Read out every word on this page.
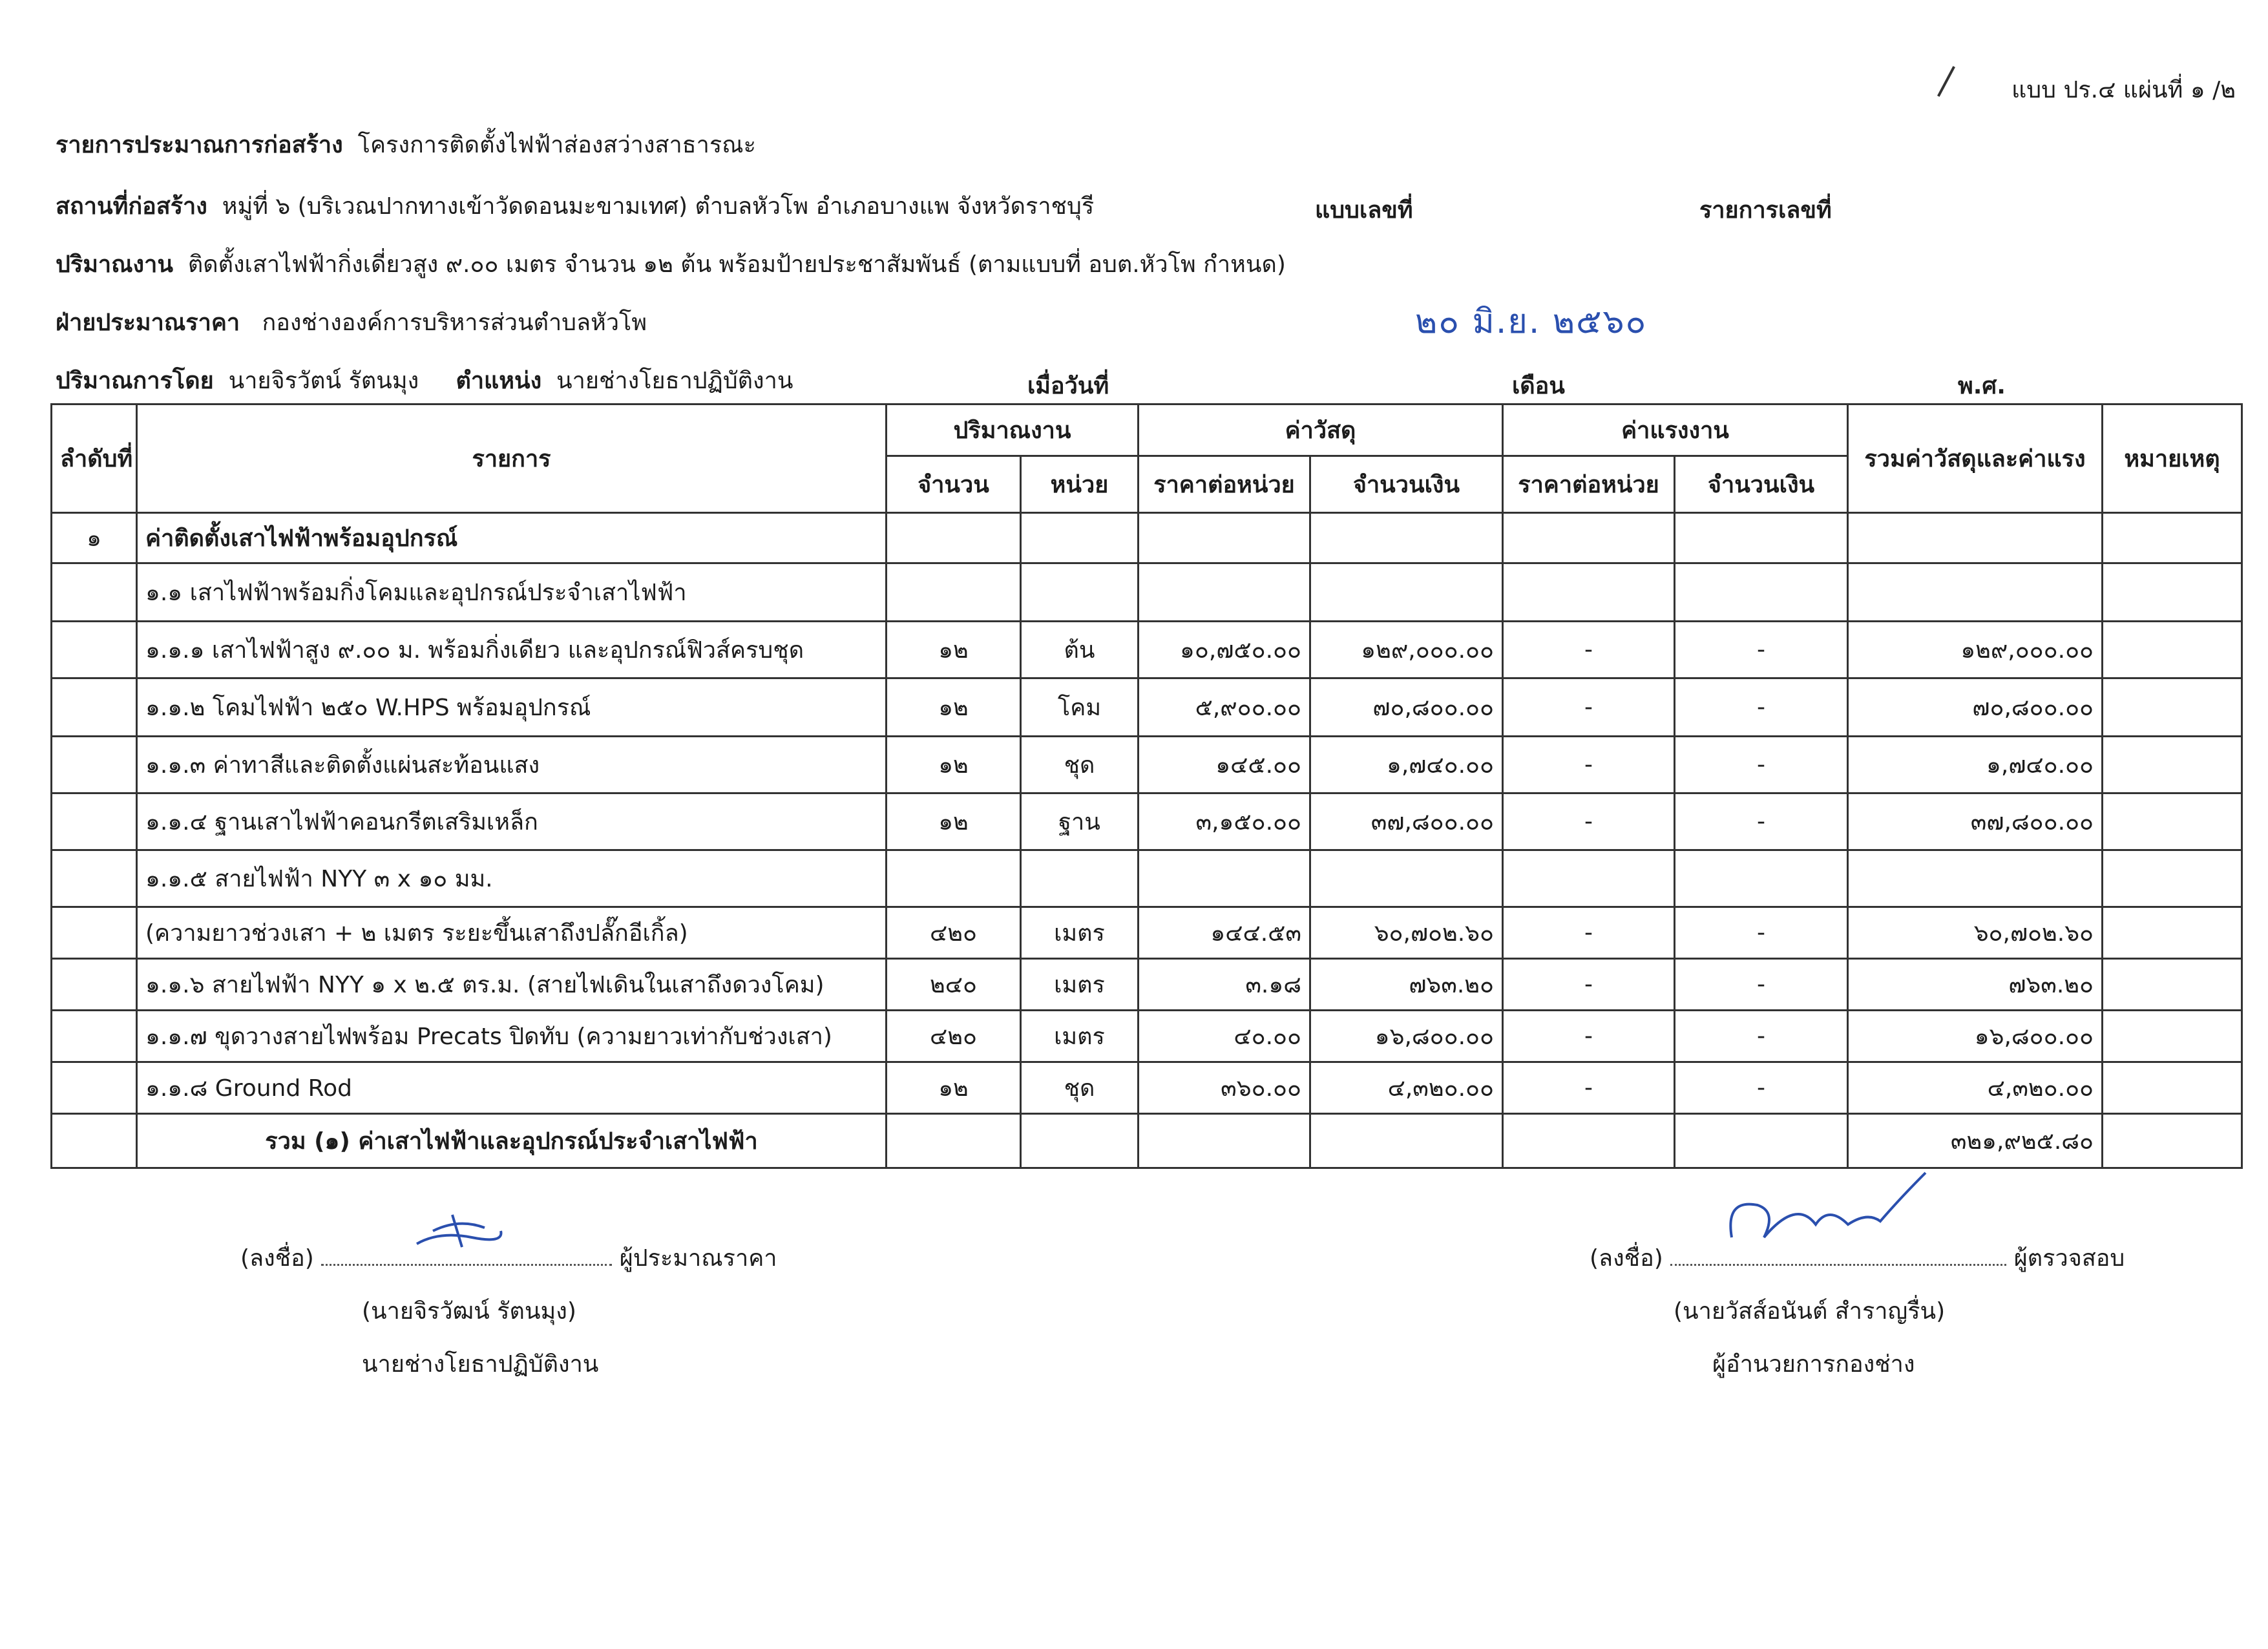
แบบ ปร.๔ แผ่นที่ ๑ /๒
รายการประมาณการก่อสร้าง โครงการติดตั้งไฟฟ้าส่องสว่างสาธารณะ
สถานที่ก่อสร้าง หมู่ที่ ๖ (บริเวณปากทางเข้าวัดดอนมะขามเทศ) ตำบลหัวโพ อำเภอบางแพ จังหวัดราชบุรี	แบบเลขที่	รายการเลขที่
ปริมาณงาน ติดตั้งเสาไฟฟ้ากิ่งเดี่ยวสูง ๙.๐๐ เมตร จำนวน ๑๒ ต้น พร้อมป้ายประชาสัมพันธ์ (ตามแบบที่ อบต.หัวโพ กำหนด)
ฝ่ายประมาณราคา กองช่างองค์การบริหารส่วนตำบลหัวโพ	๒๐ มิ.ย. ๒๕๖๐
ปริมาณการโดย นายจิรวัตน์ รัตนมุง ตำแหน่ง นายช่างโยธาปฏิบัติงาน	เมื่อวันที่	เดือน	พ.ศ.
ลำดับที่	รายการ	ปริมาณงาน		ค่าวัสดุ		ค่าแรงงาน		รวมค่าวัสดุและค่าแรง	หมายเหตุ
		จำนวน	หน่วย	ราคาต่อหน่วย	จำนวนเงิน	ราคาต่อหน่วย	จำนวนเงิน		
๑	ค่าติดตั้งเสาไฟฟ้าพร้อมอุปกรณ์								
	๑.๑ เสาไฟฟ้าพร้อมกิ่งโคมและอุปกรณ์ประจำเสาไฟฟ้า								
	๑.๑.๑ เสาไฟฟ้าสูง ๙.๐๐ ม. พร้อมกิ่งเดียว และอุปกรณ์ฟิวส์ครบชุด	๑๒	ต้น	๑๐,๗๕๐.๐๐	๑๒๙,๐๐๐.๐๐	-	-	๑๒๙,๐๐๐.๐๐	
	๑.๑.๒ โคมไฟฟ้า ๒๕๐ W.HPS พร้อมอุปกรณ์	๑๒	โคม	๕,๙๐๐.๐๐	๗๐,๘๐๐.๐๐	-	-	๗๐,๘๐๐.๐๐	
	๑.๑.๓ ค่าทาสีและติดตั้งแผ่นสะท้อนแสง	๑๒	ชุด	๑๔๕.๐๐	๑,๗๔๐.๐๐	-	-	๑,๗๔๐.๐๐	
	๑.๑.๔ ฐานเสาไฟฟ้าคอนกรีตเสริมเหล็ก	๑๒	ฐาน	๓,๑๕๐.๐๐	๓๗,๘๐๐.๐๐	-	-	๓๗,๘๐๐.๐๐	
	๑.๑.๕ สายไฟฟ้า NYY ๓ x ๑๐ มม.								
	(ความยาวช่วงเสา + ๒ เมตร ระยะขึ้นเสาถึงปลั๊กอีเกิ้ล)	๔๒๐	เมตร	๑๔๔.๕๓	๖๐,๗๐๒.๖๐	-	-	๖๐,๗๐๒.๖๐	
	๑.๑.๖ สายไฟฟ้า NYY ๑ x ๒.๕ ตร.ม. (สายไฟเดินในเสาถึงดวงโคม)	๒๔๐	เมตร	๓.๑๘	๗๖๓.๒๐	-	-	๗๖๓.๒๐	
	๑.๑.๗ ขุดวางสายไฟพร้อม Precats ปิดทับ (ความยาวเท่ากับช่วงเสา)	๔๒๐	เมตร	๔๐.๐๐	๑๖,๘๐๐.๐๐	-	-	๑๖,๘๐๐.๐๐	
	๑.๑.๘ Ground Rod	๑๒	ชุด	๓๖๐.๐๐	๔,๓๒๐.๐๐	-	-	๔,๓๒๐.๐๐	
	รวม (๑) ค่าเสาไฟฟ้าและอุปกรณ์ประจำเสาไฟฟ้า							๓๒๑,๙๒๕.๘๐	
(ลงชื่อ)	ผู้ประมาณราคา
(นายจิรวัฒน์ รัตนมุง)
นายช่างโยธาปฏิบัติงาน
(ลงชื่อ)	ผู้ตรวจสอบ
(นายวัสส์อนันต์ สำราญรื่น)
ผู้อำนวยการกองช่าง
